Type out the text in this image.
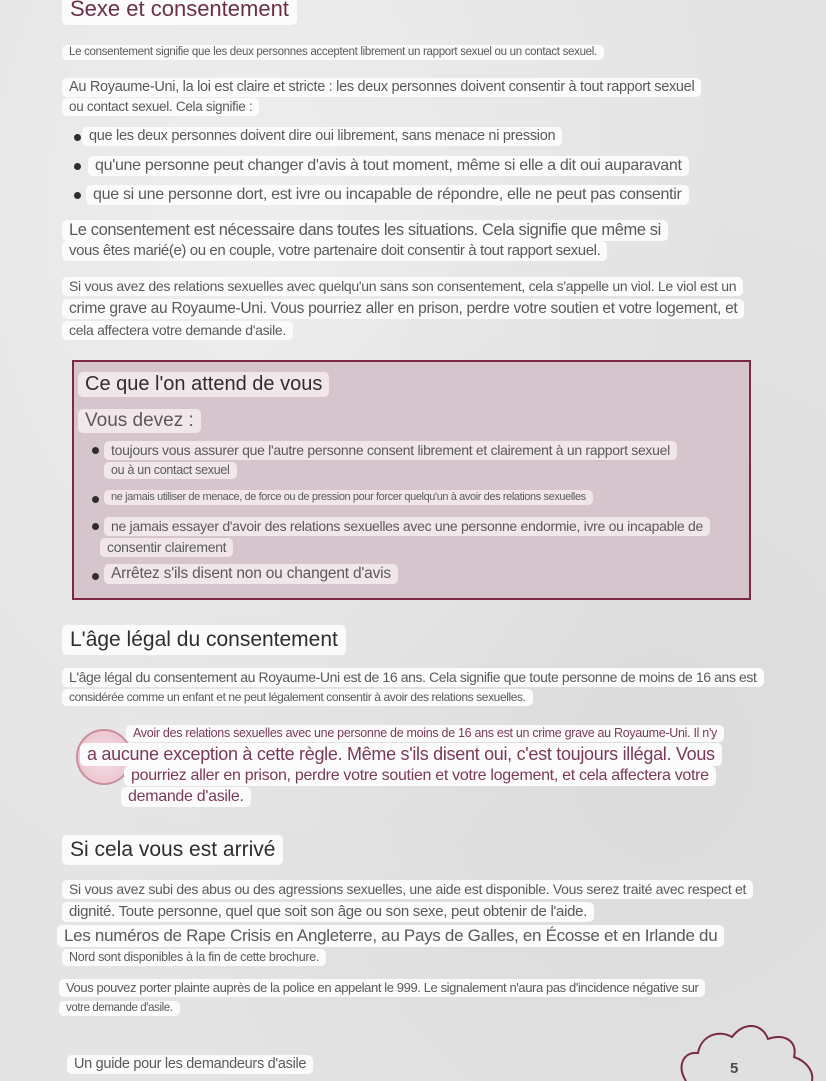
Sexe et consentement

Le consentement signifie que les deux personnes acceptent librement un rapport sexuel ou un contact sexuel.

Au Royaume-Uni, la loi est claire et stricte : les deux personnes doivent consentir à tout rapport sexuel
ou contact sexuel. Cela signifie :

que les deux personnes doivent dire oui librement, sans menace ni pression

qu'une personne peut changer d'avis à tout moment, même si elle a dit oui auparavant

que si une personne dort, est ivre ou incapable de répondre, elle ne peut pas consentir

Le consentement est nécessaire dans toutes les situations. Cela signifie que même si
vous êtes marié(e) ou en couple, votre partenaire doit consentir à tout rapport sexuel.

Si vous avez des relations sexuelles avec quelqu'un sans son consentement, cela s'appelle un viol. Le viol est un
crime grave au Royaume-Uni. Vous pourriez aller en prison, perdre votre soutien et votre logement, et
cela affectera votre demande d'asile.

Ce que l'on attend de vous

Vous devez :

toujours vous assurer que l'autre personne consent librement et clairement à un rapport sexuel
ou à un contact sexuel

ne jamais utiliser de menace, de force ou de pression pour forcer quelqu'un à avoir des relations sexuelles

ne jamais essayer d'avoir des relations sexuelles avec une personne endormie, ivre ou incapable de
consentir clairement

Arrêtez s'ils disent non ou changent d'avis

L'âge légal du consentement

L'âge légal du consentement au Royaume-Uni est de 16 ans. Cela signifie que toute personne de moins de 16 ans est
considérée comme un enfant et ne peut légalement consentir à avoir des relations sexuelles.

Avoir des relations sexuelles avec une personne de moins de 16 ans est un crime grave au Royaume-Uni. Il n'y

a aucune exception à cette règle. Même s'ils disent oui, c'est toujours illégal. Vous

pourriez aller en prison, perdre votre soutien et votre logement, et cela affectera votre

demande d'asile.

Si cela vous est arrivé

Si vous avez subi des abus ou des agressions sexuelles, une aide est disponible. Vous serez traité avec respect et
dignité. Toute personne, quel que soit son âge ou son sexe, peut obtenir de l'aide.

Les numéros de Rape Crisis en Angleterre, au Pays de Galles, en Écosse et en Irlande du
Nord sont disponibles à la fin de cette brochure.

Vous pouvez porter plainte auprès de la police en appelant le 999. Le signalement n'aura pas d'incidence négative sur
votre demande d'asile.

Un guide pour les demandeurs d'asile	5
